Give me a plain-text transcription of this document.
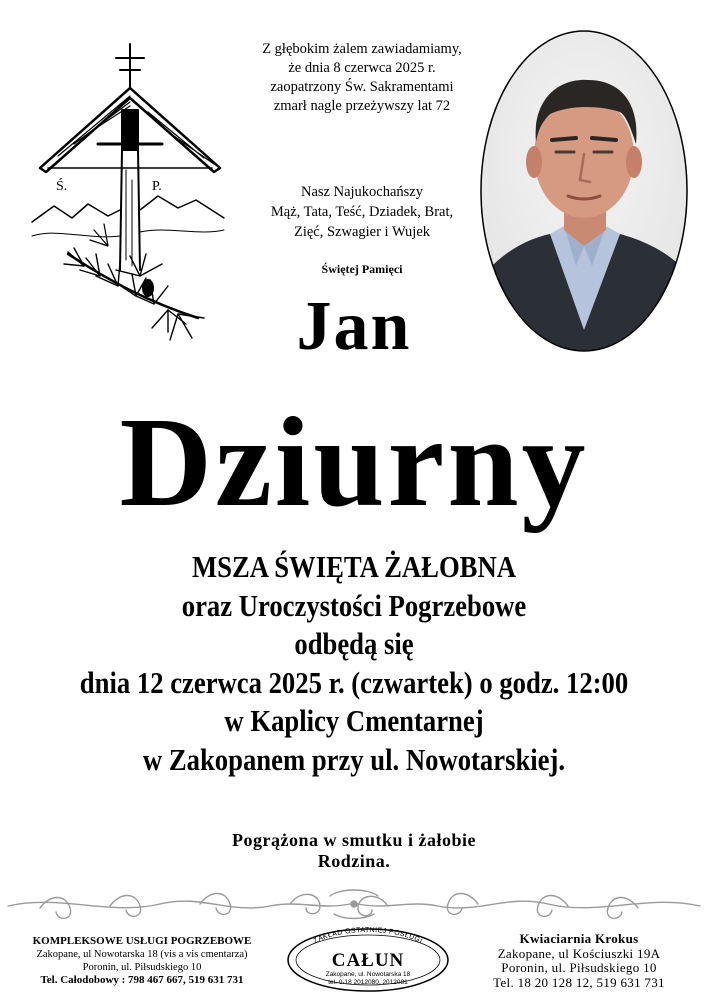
Ś.	P.
Z głębokim żalem zawiadamiamy,
że dnia 8 czerwca 2025 r.
zaopatrzony Św. Sakramentami
zmarł nagle przeżywszy lat 72
Nasz Najukochańszy
Mąż, Tata, Teść, Dziadek, Brat,
Zięć, Szwagier i Wujek
Świętej Pamięci
Jan
Dziurny
MSZA ŚWIĘTA ŻAŁOBNA
oraz Uroczystości Pogrzebowe
odbędą się
dnia 12 czerwca 2025 r. (czwartek) o godz. 12:00
w Kaplicy Cmentarnej
w Zakopanem przy ul. Nowotarskiej.
Pogrążona w smutku i żałobie
Rodzina.
KOMPLEKSOWE USŁUGI POGRZEBOWE
Zakopane, ul Nowotarska 18 (vis a vis cmentarza)
Poronin, ul. Piłsudskiego 10
Tel. Całodobowy : 798 467 667, 519 631 731
ZAKŁAD OSTATNIEJ POSŁUGI
CAŁUN
Zakopane, ul. Nowotarska 18
tel. 0-18 2012080, 2012081
Kwiaciarnia Krokus
Zakopane, ul Kościuszki 19A
Poronin, ul. Piłsudskiego 10
Tel. 18 20 128 12, 519 631 731
